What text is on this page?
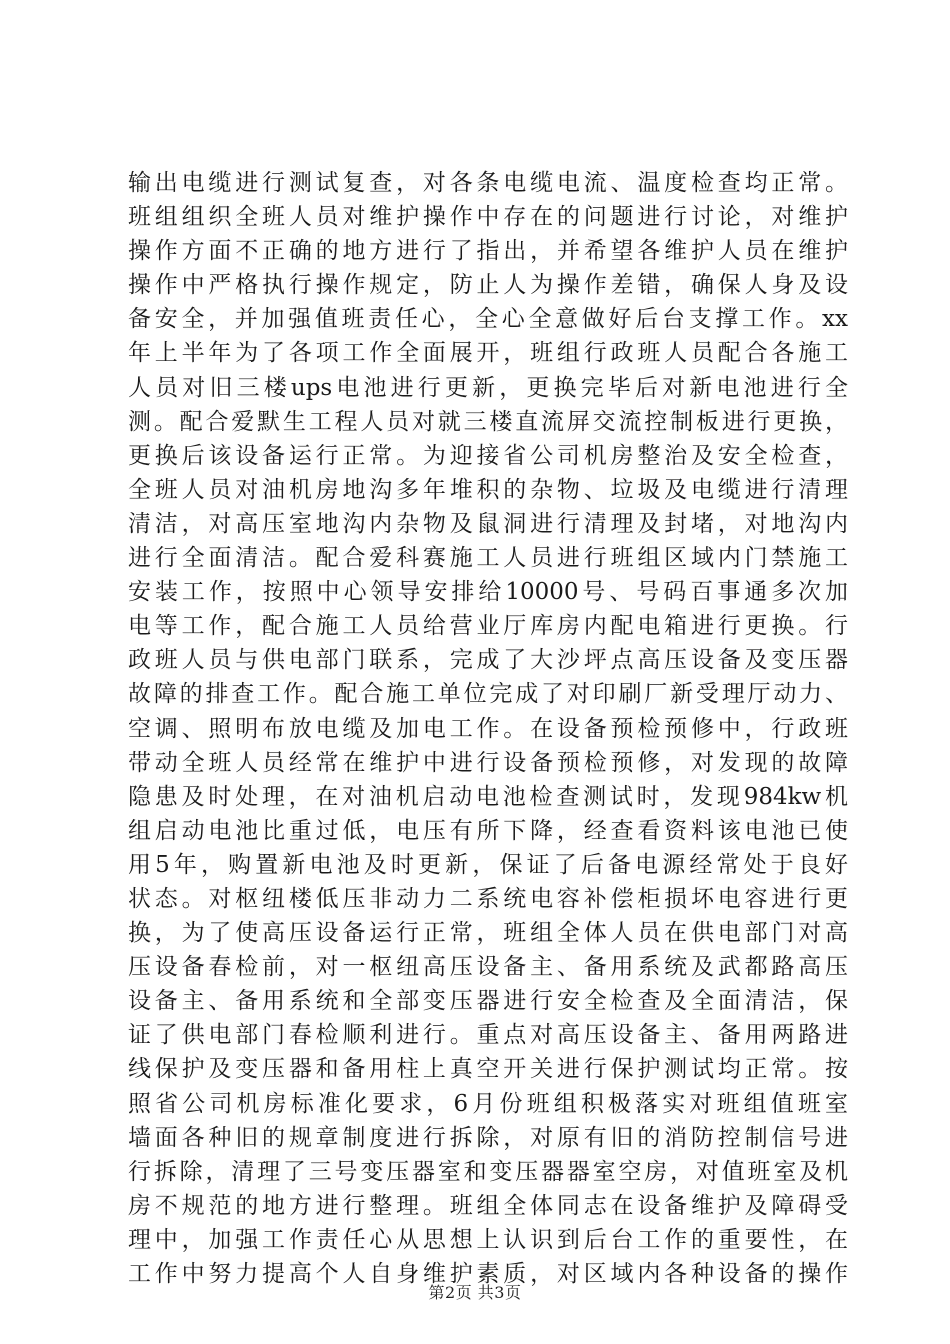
输出电缆进行测试复查，对各条电缆电流、温度检查均正常。
班组组织全班人员对维护操作中存在的问题进行讨论，对维护
操作方面不正确的地方进行了指出，并希望各维护人员在维护
操作中严格执行操作规定，防止人为操作差错，确保人身及设
备安全，并加强值班责任心，全心全意做好后台支撑工作。xx
年上半年为了各项工作全面展开，班组行政班人员配合各施工
人员对旧三楼ups电池进行更新，更换完毕后对新电池进行全
测。配合爱默生工程人员对就三楼直流屏交流控制板进行更换，
更换后该设备运行正常。为迎接省公司机房整治及安全检查，
全班人员对油机房地沟多年堆积的杂物、垃圾及电缆进行清理
清洁，对高压室地沟内杂物及鼠洞进行清理及封堵，对地沟内
进行全面清洁。配合爱科赛施工人员进行班组区域内门禁施工
安装工作，按照中心领导安排给10000号、号码百事通多次加
电等工作，配合施工人员给营业厅库房内配电箱进行更换。行
政班人员与供电部门联系，完成了大沙坪点高压设备及变压器
故障的排查工作。配合施工单位完成了对印刷厂新受理厅动力、
空调、照明布放电缆及加电工作。在设备预检预修中，行政班
带动全班人员经常在维护中进行设备预检预修，对发现的故障
隐患及时处理，在对油机启动电池检查测试时，发现984kw机
组启动电池比重过低，电压有所下降，经查看资料该电池已使
用5年，购置新电池及时更新，保证了后备电源经常处于良好
状态。对枢纽楼低压非动力二系统电容补偿柜损坏电容进行更
换，为了使高压设备运行正常，班组全体人员在供电部门对高
压设备春检前，对一枢纽高压设备主、备用系统及武都路高压
设备主、备用系统和全部变压器进行安全检查及全面清洁，保
证了供电部门春检顺利进行。重点对高压设备主、备用两路进
线保护及变压器和备用柱上真空开关进行保护测试均正常。按
照省公司机房标准化要求，6月份班组积极落实对班组值班室
墙面各种旧的规章制度进行拆除，对原有旧的消防控制信号进
行拆除，清理了三号变压器室和变压器器室空房，对值班室及机
房不规范的地方进行整理。班组全体同志在设备维护及障碍受
理中，加强工作责任心从思想上认识到后台工作的重要性，在
工作中努力提高个人自身维护素质，对区域内各种设备的操作
第2页 共3页
